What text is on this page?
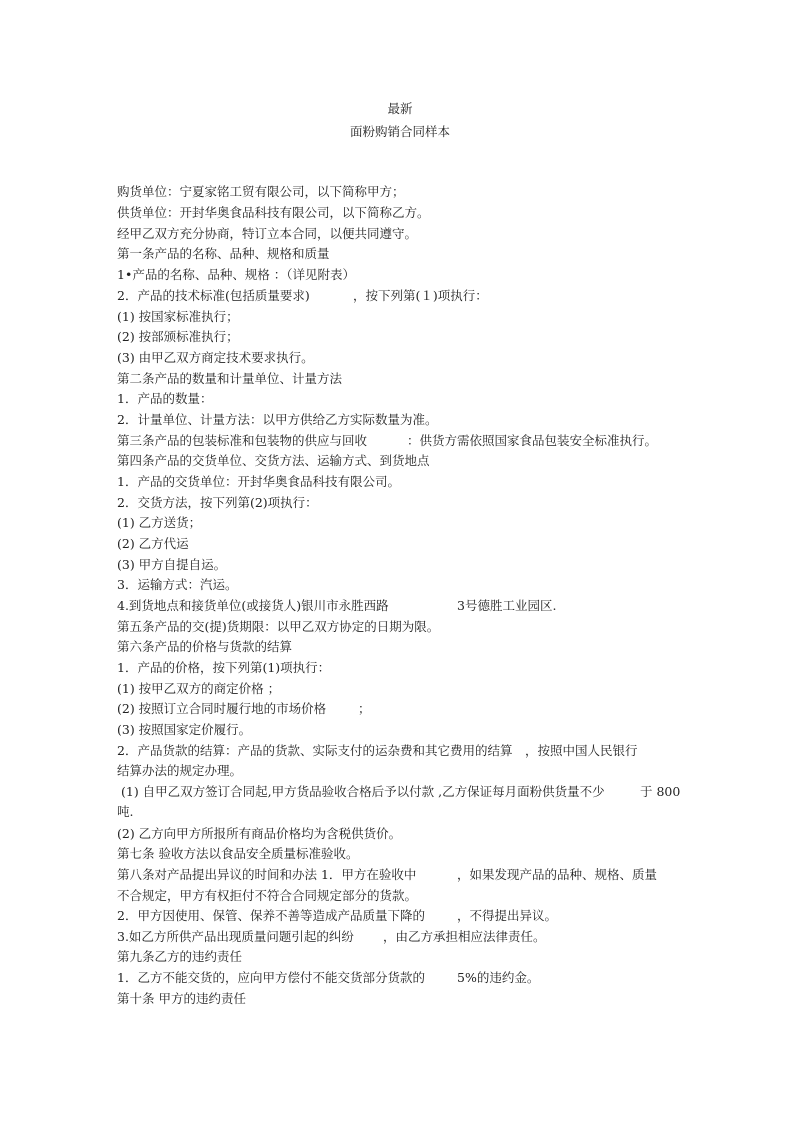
最新
面粉购销合同样本
购货单位：宁夏家铭工贸有限公司，以下简称甲方；
供货单位：开封华奥食品科技有限公司，以下简称乙方。
经甲乙双方充分协商，特订立本合同，以便共同遵守。
第一条产品的名称、品种、规格和质量
1•产品的名称、品种、规格 ：（详见附表）
2．产品的技术标准(包括质量要求)	，按下列第(１)项执行：
(1) 按国家标准执行；
(2) 按部颁标准执行；
(3) 由甲乙双方商定技术要求执行。
第二条产品的数量和计量单位、计量方法
1．产品的数量：
2．计量单位、计量方法：以甲方供给乙方实际数量为准。
第三条产品的包装标准和包装物的供应与回收	：供货方需依照国家食品包装安全标准执行。
第四条产品的交货单位、交货方法、运输方式、到货地点
1．产品的交货单位：开封华奥食品科技有限公司。
2．交货方法，按下列第(2)项执行：
(1) 乙方送货；
(2) 乙方代运
(3) 甲方自提自运。
3．运输方式：汽运。
4.到货地点和接货单位(或接货人)银川市永胜西路	3号德胜工业园区.
第五条产品的交(提)货期限：以甲乙双方协定的日期为限。
第六条产品的价格与货款的结算
1．产品的价格，按下列第(1)项执行：
(1) 按甲乙双方的商定价格 ；
(2) 按照订立合同时履行地的市场价格	；
(3) 按照国家定价履行。
2．产品货款的结算：产品的货款、实际支付的运杂费和其它费用的结算 ，按照中国人民银行
结算办法的规定办理。
(1) 自甲乙双方签订合同起,甲方货品验收合格后予以付款 ,乙方保证每月面粉供货量不少	于 800
吨.
(2) 乙方向甲方所报所有商品价格均为含税供货价。
第七条 验收方法以食品安全质量标准验收。
第八条对产品提出异议的时间和办法 1．甲方在验收中	，如果发现产品的品种、规格、质量
不合规定，甲方有权拒付不符合合同规定部分的货款。
2．甲方因使用、保管、保养不善等造成产品质量下降的	，不得提出异议。
3.如乙方所供产品出现质量问题引起的纠纷 ，由乙方承担相应法律责任。
第九条乙方的违约责任
1．乙方不能交货的，应向甲方偿付不能交货部分货款的	5%的违约金。
第十条 甲方的违约责任
